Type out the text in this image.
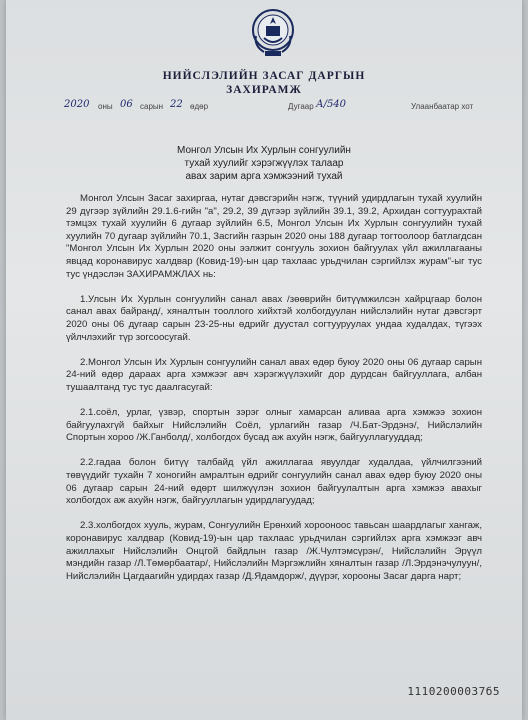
НИЙСЛЭЛИЙН ЗАСАГ ДАРГЫН
ЗАХИРАМЖ
2020 оны 06 сарын 22 өдөр	Дугаар А/540	Улаанбаатар хот
Монгол Улсын Их Хурлын сонгуулийн
тухай хуулийг хэрэгжүүлэх талаар
авах зарим арга хэмжээний тухай

Монгол Улсын Засаг захиргаа, нутаг дэвсгэрийн нэгж, түүний удирдлагын тухай хуулийн 29 дүгээр зүйлийн 29.1.6-гийн "а", 29.2, 39 дүгээр зүйлийн 39.1, 39.2, Архидан согтуурахтай тэмцэх тухай хуулийн 6 дугаар зүйлийн 6.5, Монгол Улсын Их Хурлын сонгуулийн тухай хуулийн 70 дугаар зүйлийн 70.1, Засгийн газрын 2020 оны 188 дугаар тогтоолоор батлагдсан "Монгол Улсын Их Хурлын 2020 оны ээлжит сонгууль зохион байгуулах үйл ажиллагааны явцад коронавирус халдвар (Ковид-19)-ын цар тахлаас урьдчилан сэргийлэх журам"-ыг тус тус үндэслэн ЗАХИРАМЖЛАХ нь:

1.Улсын Их Хурлын сонгуулийн санал авах /зөөврийн битүүмжилсэн хайрцгаар болон санал авах байранд/, хяналтын тооллого хийхтэй холбогдуулан нийслэлийн нутаг дэвсгэрт 2020 оны 06 дугаар сарын 23-25-ны өдрийг дуустал согтууруулах ундаа худалдах, түгээх үйлчлэхийг түр зогсоосугай.

2.Монгол Улсын Их Хурлын сонгуулийн санал авах өдөр буюу 2020 оны 06 дугаар сарын 24-ний өдөр дараах арга хэмжээг авч хэрэгжүүлэхийг дор дурдсан байгууллага, албан тушаалтанд тус тус даалгасугай:

2.1.соёл, урлаг, үзвэр, спортын зэрэг олныг хамарсан аливаа арга хэмжээ зохион байгуулахгүй байхыг Нийслэлийн Соёл, урлагийн газар /Ч.Бат-Эрдэнэ/, Нийслэлийн Спортын хороо /Ж.Ганболд/, холбогдох бусад аж ахуйн нэгж, байгууллагууддад;

2.2.гадаа болон битүү талбайд үйл ажиллагаа явуулдаг худалдаа, үйлчилгээний төвүүдийг тухайн 7 хоногийн амралтын өдрийг сонгуулийн санал авах өдөр буюу 2020 оны 06 дугаар сарын 24-ний өдөрт шилжүүлэн зохион байгуулалтын арга хэмжээ авахыг холбогдох аж ахуйн нэгж, байгууллагын удирдлагуудад;

2.3.холбогдох хууль, журам, Сонгуулийн Ерөнхий хорооноос тавьсан шаардлагыг хангаж, коронавирус халдвар (Ковид-19)-ын цар тахлаас урьдчилан сэргийлэх арга хэмжээг авч ажиллахыг Нийслэлийн Онцгой байдлын газар /Ж.Чултэмсүрэн/, Нийслэлийн Эрүүл мэндийн газар /Л.Төмөрбаатар/, Нийслэлийн Мэргэжлийн хяналтын газар /Л.Эрдэнэчулуун/, Нийслэлийн Цагдаагийн удирдах газар /Д.Ядамдорж/, дүүрэг, хорооны Засаг дарга нарт;

11102000037б5
